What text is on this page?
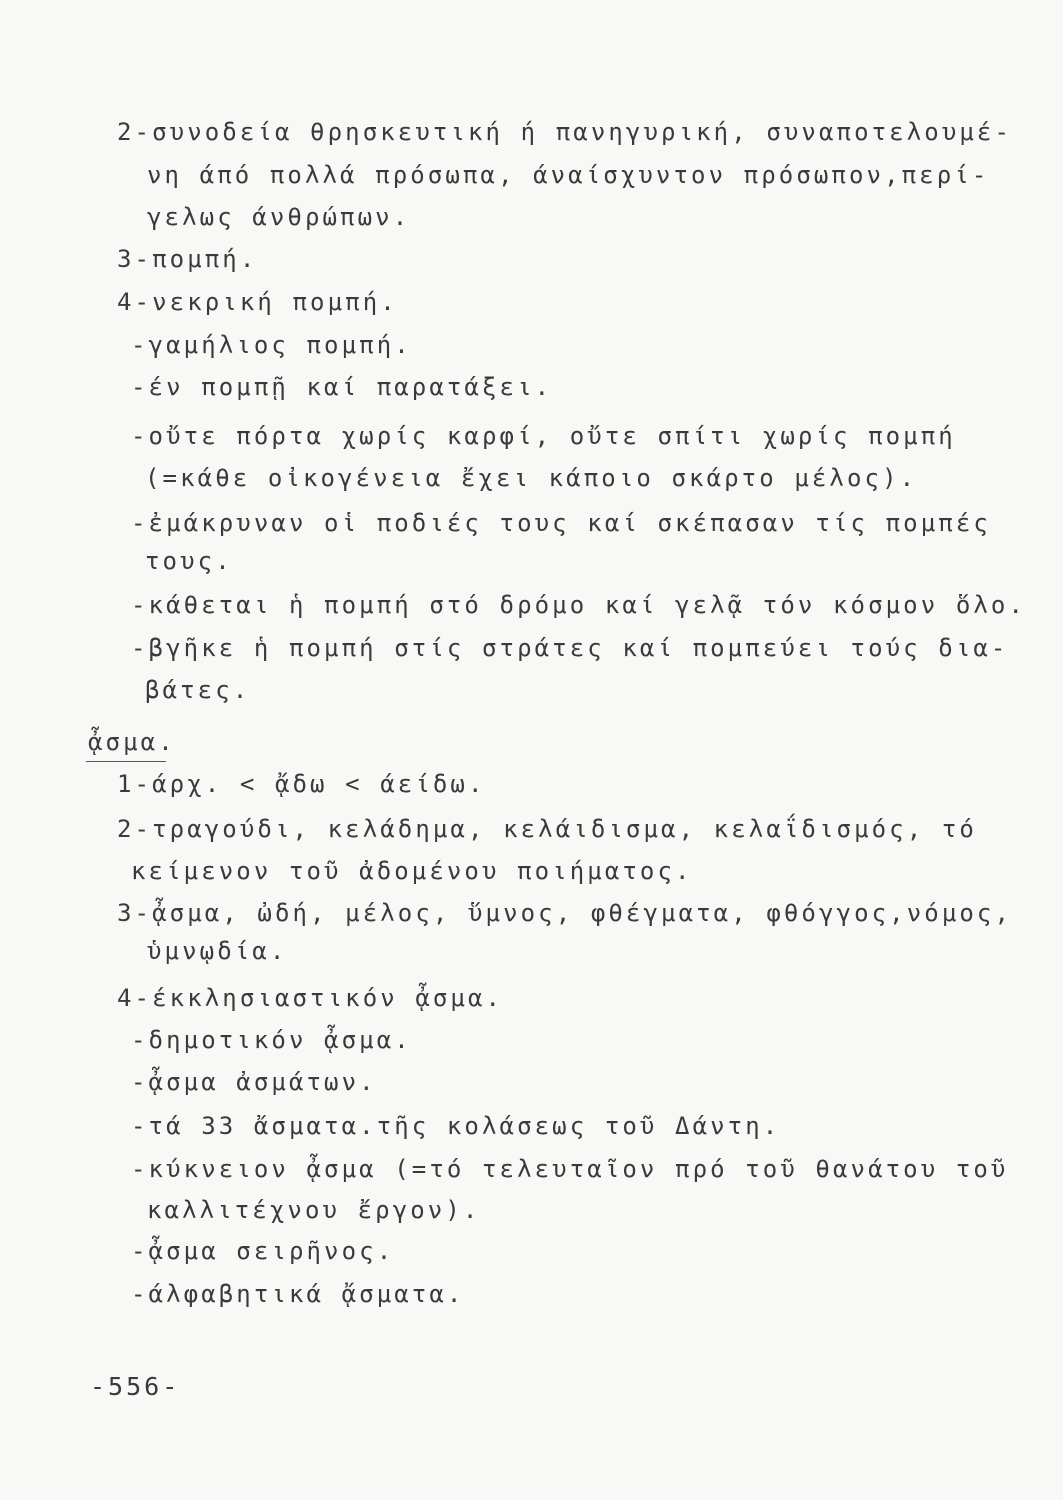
2-συνοδεία θρησκευτική ή πανηγυρική, συναποτελουμέ-
νη άπό πολλά πρόσωπα, άναίσχυντον πρόσωπον,περί-
γελως άνθρώπων.
3-πομπή.
4-νεκρική πομπή.
-γαμήλιος πομπή.
-έν πομπῇ καί παρατάξει.
-οὔτε πόρτα χωρίς καρφί, οὔτε σπίτι χωρίς πομπή
(=κάθε οἰκογένεια ἔχει κάποιο σκάρτο μέλος).
-ἐμάκρυναν οἱ ποδιές τους καί σκέπασαν τίς πομπές
τους.
-κάθεται ἡ πομπή στό δρόμο καί γελᾷ τόν κόσμον ὅλο.
-βγῆκε ἡ πομπή στίς στράτες καί πομπεύει τούς δια-
βάτες.
ᾆσμα.
1-άρχ. < ᾄδω < άείδω.
2-τραγούδι, κελάδημα, κελάιδισμα, κελαΐδισμός, τό
κείμενον τοῦ ἀδομένου ποιήματος.
3-ᾆσμα, ὠδή, μέλος, ὕμνος, φθέγματα, φθόγγος,νόμος,
ὑμνῳδία.
4-έκκλησιαστικόν ᾆσμα.
-δημοτικόν ᾆσμα.
-ᾆσμα ἀσμάτων.
-τά 33 ἄσματα.τῆς κολάσεως τοῦ Δάντη.
-κύκνειον ᾆσμα (=τό τελευταῖον πρό τοῦ θανάτου τοῦ
καλλιτέχνου ἔργον).
-ᾆσμα σειρῆνος.
-άλφαβητικά ᾄσματα.
-556-
